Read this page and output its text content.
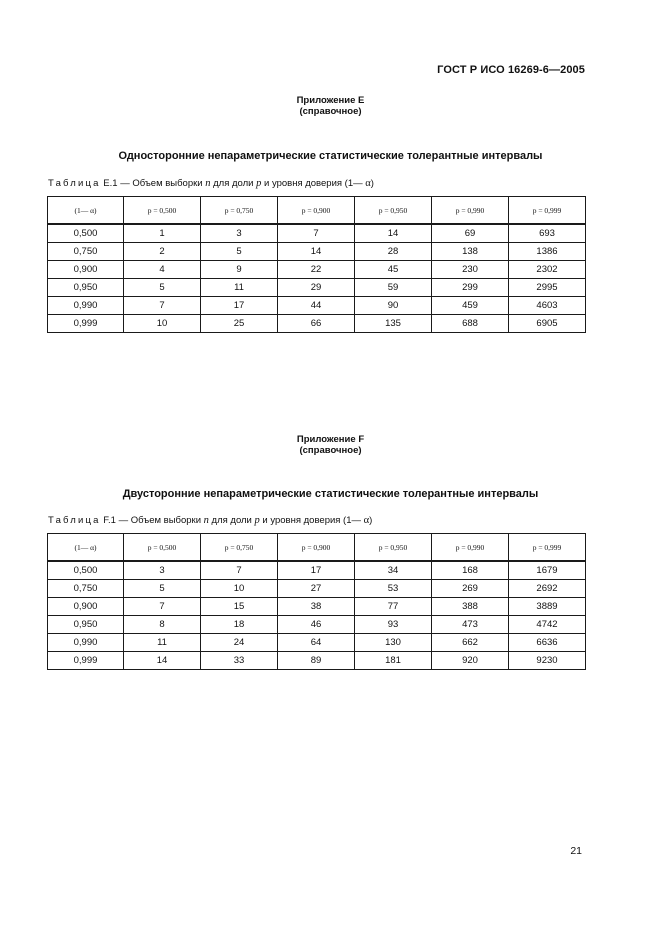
ГОСТ Р ИСО 16269-6—2005
Приложение E
(справочное)
Односторонние непараметрические статистические толерантные интервалы
Таблица E.1 — Объем выборки n для доли p и уровня доверия (1— α)
(1— α)	p = 0,500	p = 0,750	p = 0,900	p = 0,950	p = 0,990	p = 0,999
0,500	1	3	7	14	69	693
0,750	2	5	14	28	138	1386
0,900	4	9	22	45	230	2302
0,950	5	11	29	59	299	2995
0,990	7	17	44	90	459	4603
0,999	10	25	66	135	688	6905
Приложение F
(справочное)
Двусторонние непараметрические статистические толерантные интервалы
Таблица F.1 — Объем выборки n для доли p и уровня доверия (1— α)
(1— α)	p = 0,500	p = 0,750	p = 0,900	p = 0,950	p = 0,990	p = 0,999
0,500	3	7	17	34	168	1679
0,750	5	10	27	53	269	2692
0,900	7	15	38	77	388	3889
0,950	8	18	46	93	473	4742
0,990	11	24	64	130	662	6636
0,999	14	33	89	181	920	9230
21
